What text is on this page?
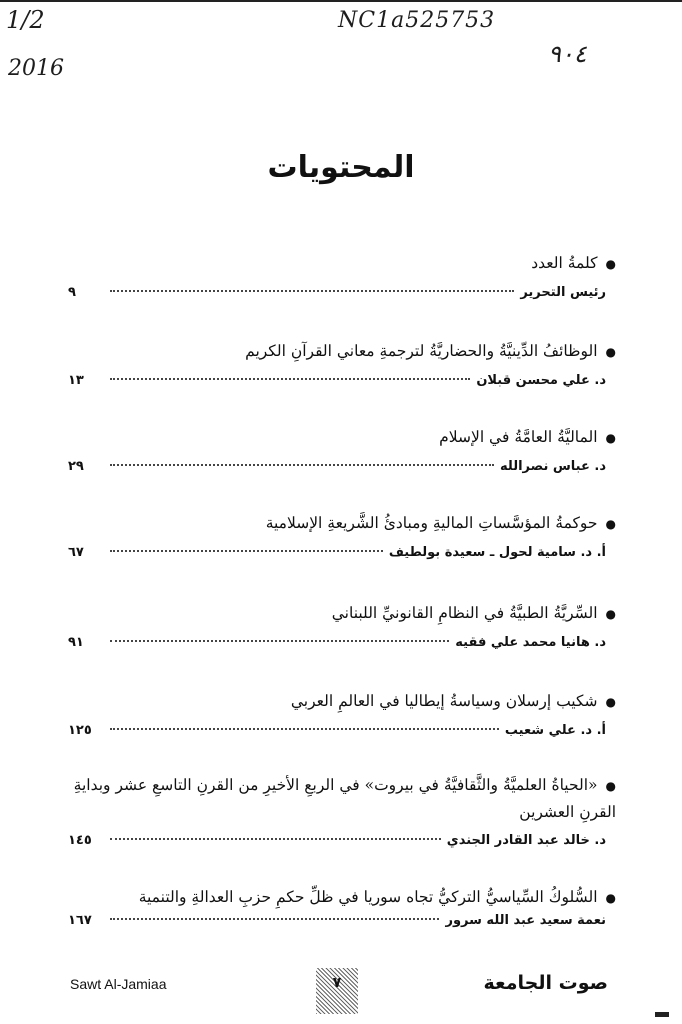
1/2
2016
NC1a525753
٩٠٤
المحتويات
●كلمةُ العدد
رئيس التحرير
٩
●الوظائفُ الدِّينيَّةُ والحضاريَّةُ لترجمةِ معاني القرآنِ الكريم
د. علي محسن قبلان
١٣
●الماليَّةُ العامَّةُ في الإسلام
د. عباس نصرالله
٢٩
●حوكمةُ المؤسَّساتِ الماليةِ ومبادئُ الشَّريعةِ الإسلامية
أ. د. سامية لحول ـ سعيدة بولطيف
٦٧
●السِّريَّةُ الطبيَّةُ في النظامِ القانونيِّ اللبناني
د. هانيا محمد علي فقيه
٩١
●شكيب إرسلان وسياسةُ إيطاليا في العالمِ العربي
أ. د. علي شعيب
١٢٥
●«الحياةُ العلميَّةُ والثَّقافيَّةُ في بيروت» في الربعِ الأخيرِ من القرنِ التاسعِ عشر وبدايةِ القرنِ العشرين
د. خالد عبد القادر الجندي
١٤٥
●السُّلوكُ السِّياسيُّ التركيُّ تجاه سوريا في ظلِّ حكمِ حزبِ العدالةِ والتنمية
نعمة سعيد عبد الله سرور
١٦٧
Sawt Al-Jamiaa	٧	صوت الجامعة
